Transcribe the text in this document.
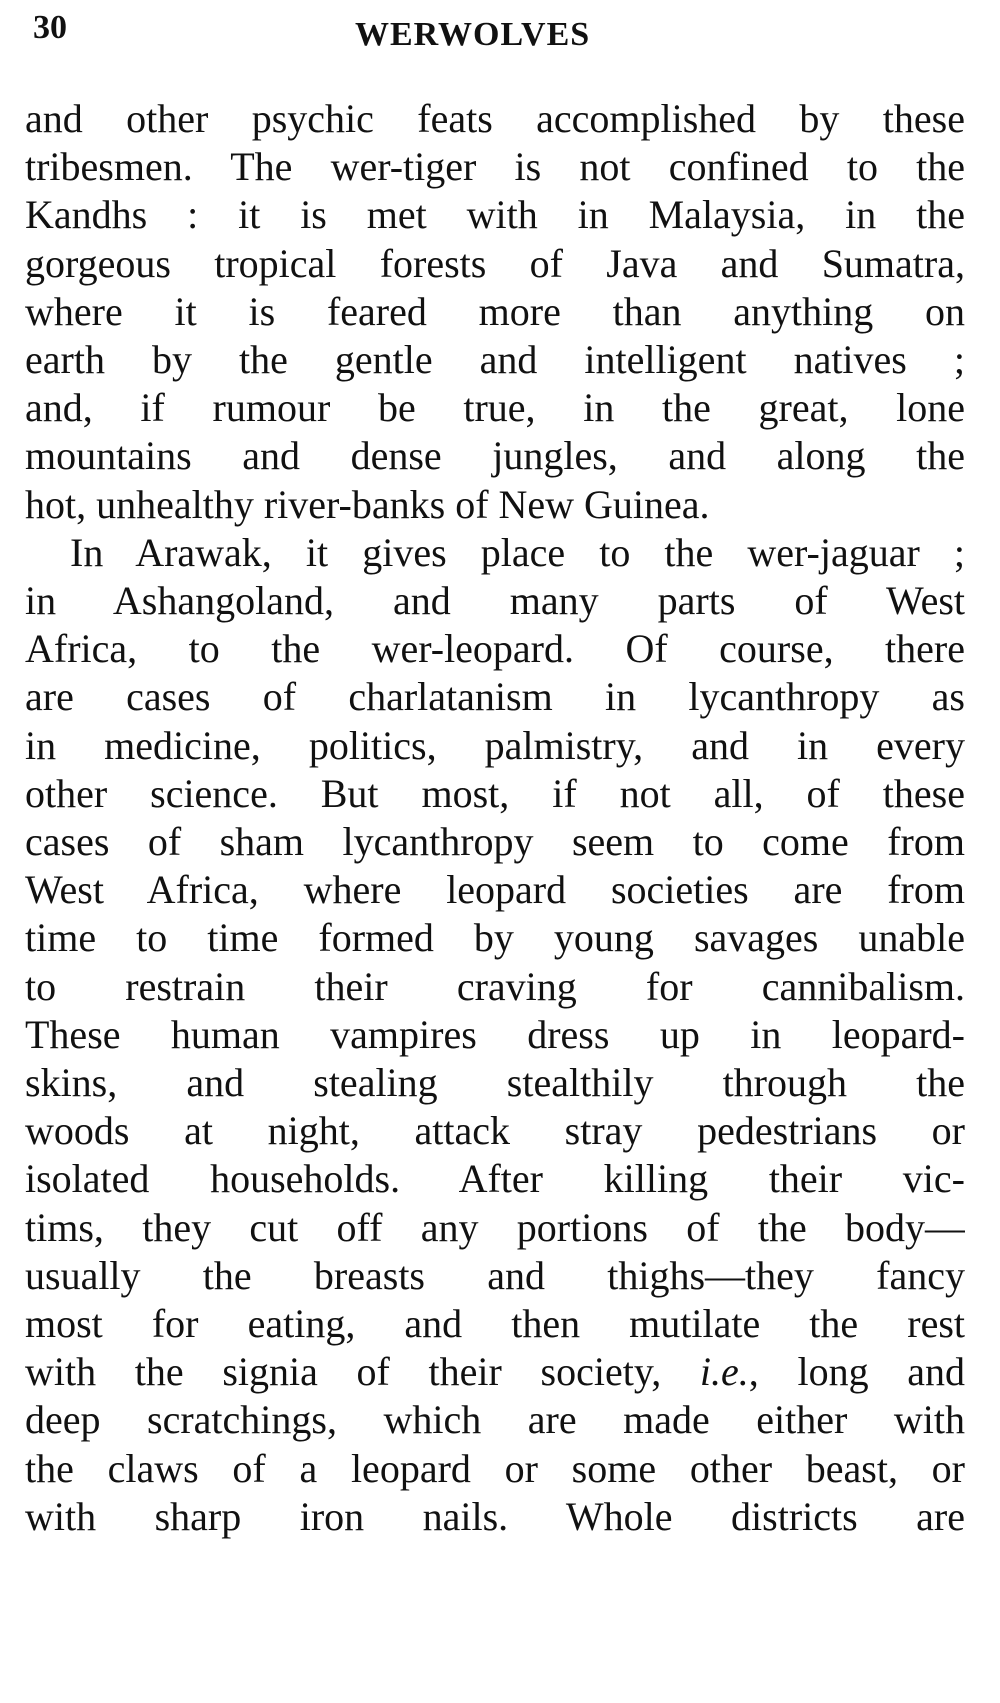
30	WERWOLVES
and other psychic feats accomplished by these
tribesmen. The wer-tiger is not confined to the
Kandhs : it is met with in Malaysia, in the
gorgeous tropical forests of Java and Sumatra,
where it is feared more than anything on
earth by the gentle and intelligent natives ;
and, if rumour be true, in the great, lone
mountains and dense jungles, and along the
hot, unhealthy river-banks of New Guinea.
In Arawak, it gives place to the wer-jaguar ;
in Ashangoland, and many parts of West
Africa, to the wer-leopard. Of course, there
are cases of charlatanism in lycanthropy as
in medicine, politics, palmistry, and in every
other science. But most, if not all, of these
cases of sham lycanthropy seem to come from
West Africa, where leopard societies are from
time to time formed by young savages unable
to restrain their craving for cannibalism.
These human vampires dress up in leopard-
skins, and stealing stealthily through the
woods at night, attack stray pedestrians or
isolated households. After killing their vic-
tims, they cut off any portions of the body—
usually the breasts and thighs—they fancy
most for eating, and then mutilate the rest
with the signia of their society, i.e., long and
deep scratchings, which are made either with
the claws of a leopard or some other beast, or
with sharp iron nails. Whole districts are
